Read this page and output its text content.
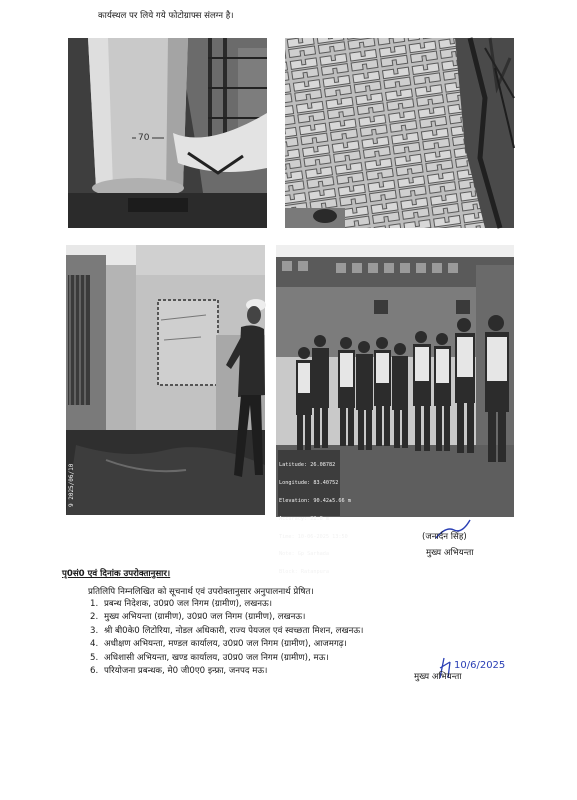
कार्यस्थल पर लिये गये फोटोग्राफ्स संलग्न है।
70
9 2025/06/10

	Latitude: 26.08782

Longitude: 83.40752

Elevation: 90.42±5.66 m

Accuracy: 22.8 m

Time: 10-06-2025 13:50

Note: Gp Sarhada

Block: Ratanpura

(जनार्दन सिंह)
मुख्य अभियन्ता
पृ0सं0 एवं दिनांक उपरोक्तानुसार।
प्रतिलिपि निम्नलिखित को सूचनार्थ एवं उपरोक्तानुसार अनुपालनार्थ प्रेषित।
1. प्रबन्ध निदेशक, उ0प्र0 जल निगम (ग्रामीण), लखनऊ।
2. मुख्य अभियन्ता (ग्रामीण), उ0प्र0 जल निगम (ग्रामीण), लखनऊ।
3. श्री बी0के0 लिटोरिया, नोडल अधिकारी, राज्य पेयजल एवं स्वच्छता मिशन, लखनऊ।
4. अधीक्षण अभियन्ता, मण्डल कार्यालय, उ0प्र0 जल निगम (ग्रामीण), आजमगढ़।
5. अधिशासी अभियन्ता, खण्ड कार्यालय, उ0प्र0 जल निगम (ग्रामीण), मऊ।
6. परियोजना प्रबन्धक, मे0 जी0ए0 इन्फ्रा, जनपद मऊ।	10/6/2025
मुख्य अभियन्ता
